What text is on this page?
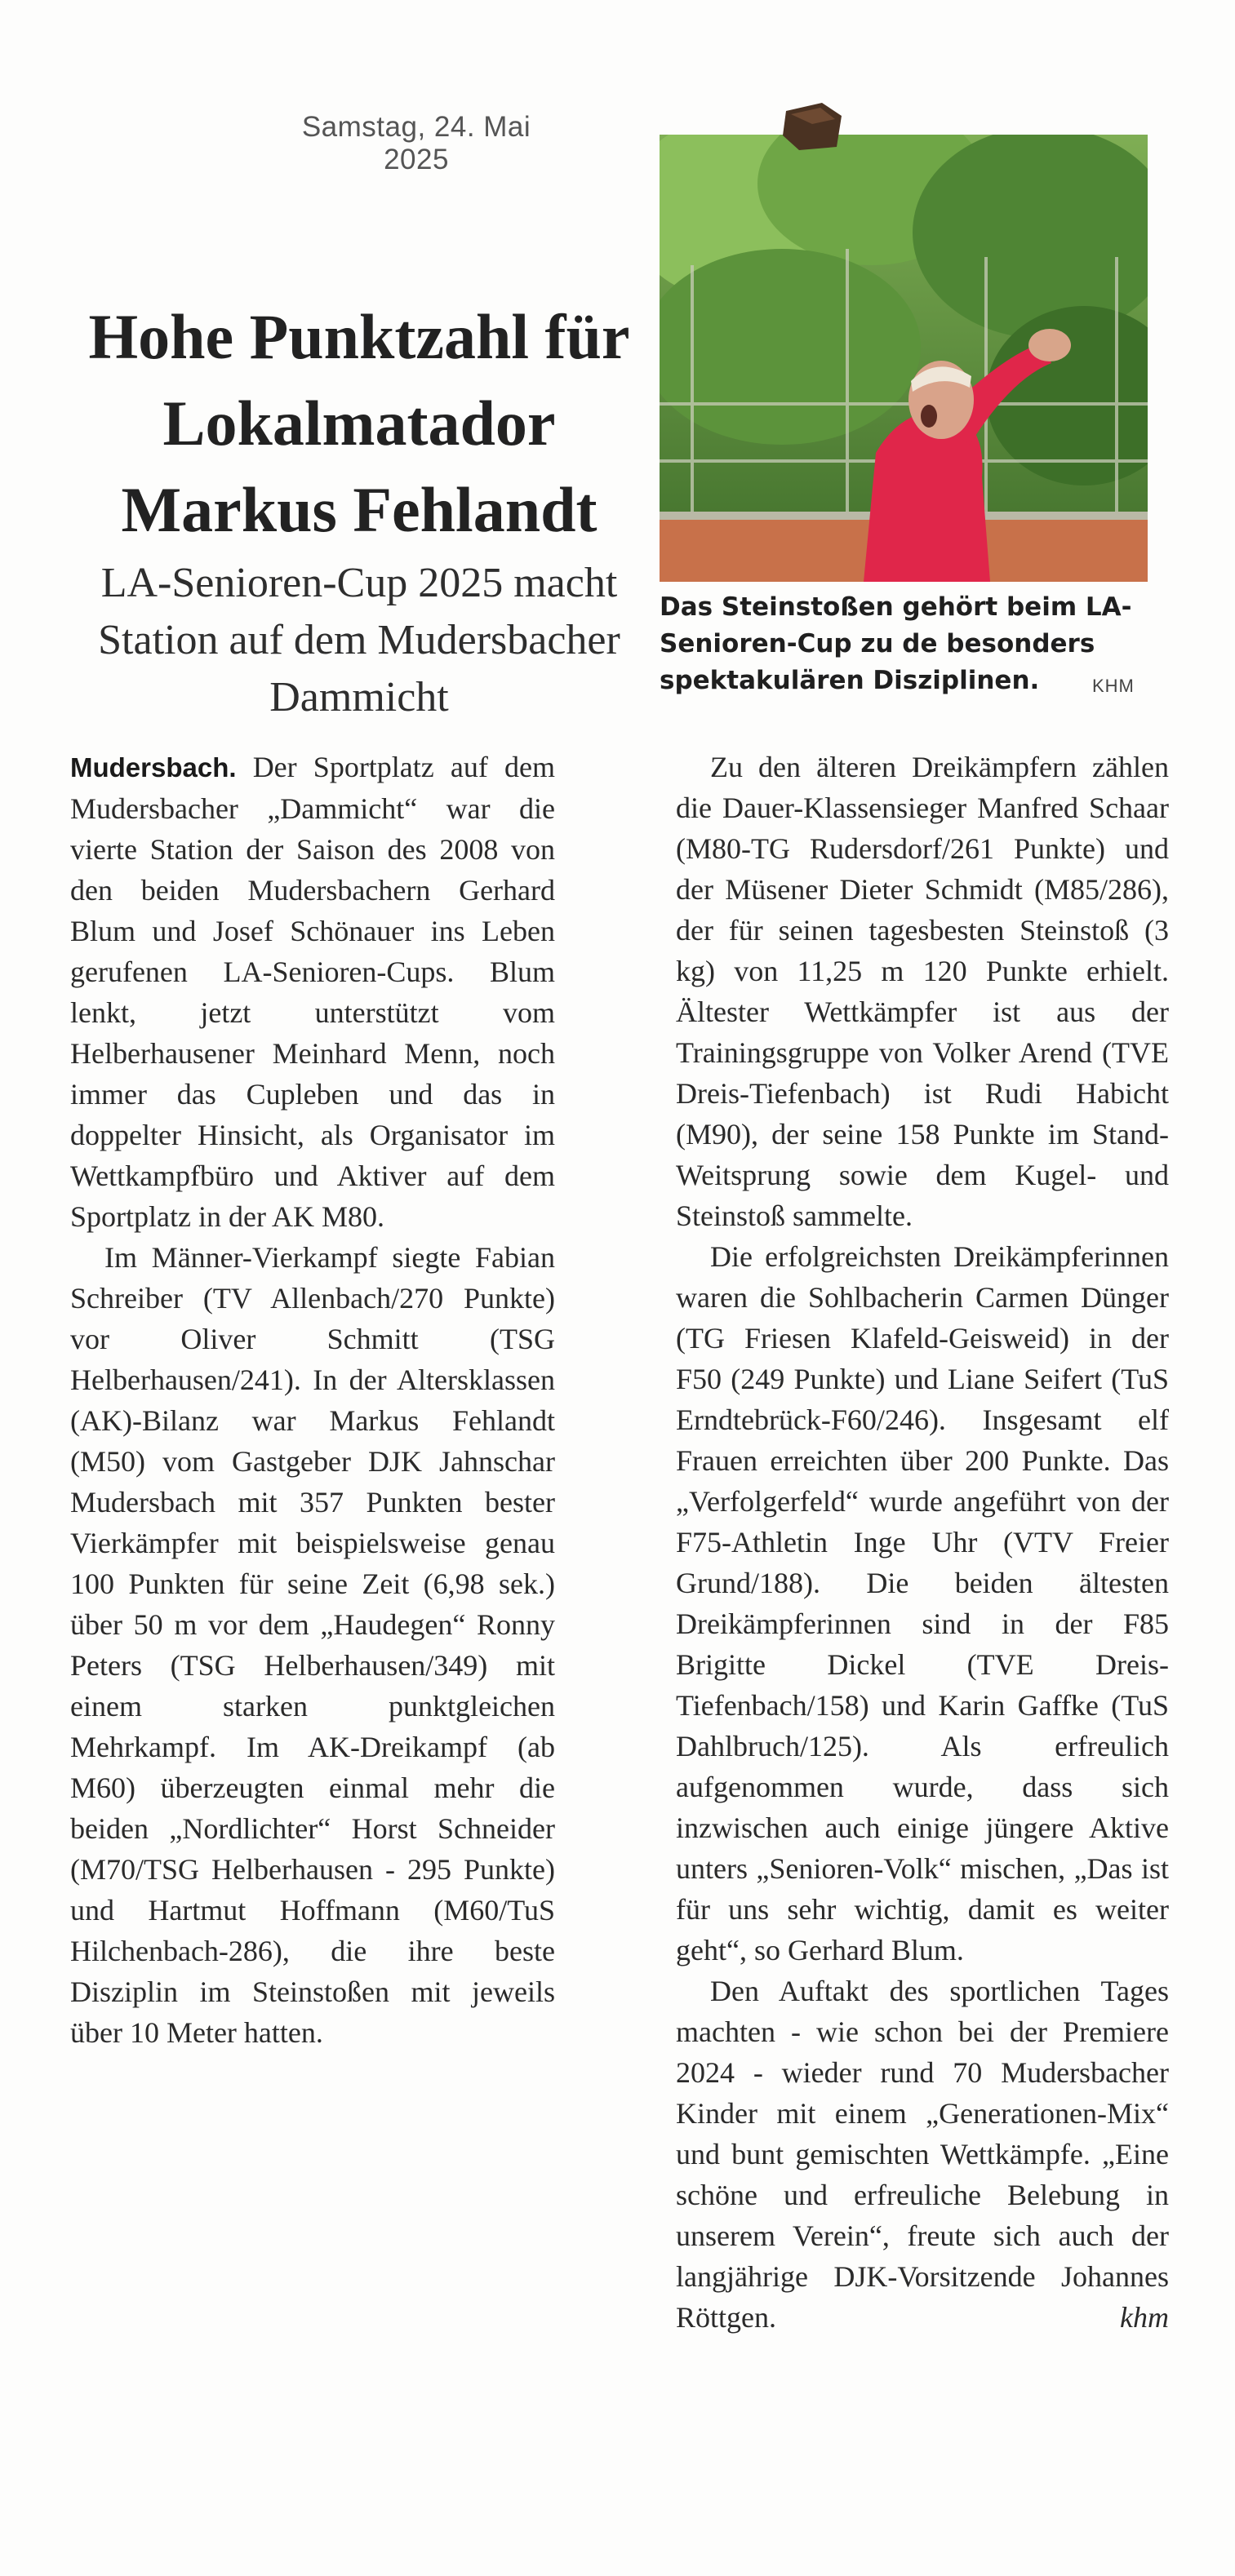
Samstag, 24. Mai 2025
Hohe Punktzahl für Lokalmatador Markus Fehlandt
LA-Senioren-Cup 2025 macht Station auf dem Mudersbacher Dammicht

Das Steinstoßen gehört beim LA-Senioren-Cup zu de besonders spektakulären Disziplinen.	KHM

Mudersbach. Der Sportplatz auf dem Mudersbacher „Dammicht“ war die vierte Station der Saison des 2008 von den beiden Mudersbachern Gerhard Blum und Josef Schönauer ins Leben gerufenen LA-Senioren-Cups. Blum lenkt, jetzt unterstützt vom Helberhausener Meinhard Menn, noch immer das Cupleben und das in doppelter Hinsicht, als Organisator im Wettkampfbüro und Aktiver auf dem Sportplatz in der AK M80.

Im Männer-Vierkampf siegte Fabian Schreiber (TV Allenbach/270 Punkte) vor Oliver Schmitt (TSG Helberhausen/241). In der Altersklassen (AK)-Bilanz war Markus Fehlandt (M50) vom Gastgeber DJK Jahnschar Mudersbach mit 357 Punkten bester Vierkämpfer mit beispielsweise genau 100 Punkten für seine Zeit (6,98 sek.) über 50 m vor dem „Haudegen“ Ronny Peters (TSG Helberhausen/349) mit einem starken punktgleichen Mehrkampf. Im AK-Dreikampf (ab M60) überzeugten einmal mehr die beiden „Nordlichter“ Horst Schneider (M70/TSG Helberhausen - 295 Punkte) und Hartmut Hoffmann (M60/TuS Hilchenbach-286), die ihre beste Disziplin im Steinstoßen mit jeweils über 10 Meter hatten.

Zu den älteren Dreikämpfern zählen die Dauer-Klassensieger Manfred Schaar (M80-TG Rudersdorf/261 Punkte) und der Müsener Dieter Schmidt (M85/286), der für seinen tagesbesten Steinstoß (3 kg) von 11,25 m 120 Punkte erhielt. Ältester Wettkämpfer ist aus der Trainingsgruppe von Volker Arend (TVE Dreis-Tiefenbach) ist Rudi Habicht (M90), der seine 158 Punkte im Stand-Weitsprung sowie dem Kugel- und Steinstoß sammelte.

Die erfolgreichsten Dreikämpferinnen waren die Sohlbacherin Carmen Dünger (TG Friesen Klafeld-Geisweid) in der F50 (249 Punkte) und Liane Seifert (TuS Erndtebrück-F60/246). Insgesamt elf Frauen erreichten über 200 Punkte. Das „Verfolgerfeld“ wurde angeführt von der F75-Athletin Inge Uhr (VTV Freier Grund/188). Die beiden ältesten Dreikämpferinnen sind in der F85 Brigitte Dickel (TVE Dreis-Tiefenbach/158) und Karin Gaffke (TuS Dahlbruch/125). Als erfreulich aufgenommen wurde, dass sich inzwischen auch einige jüngere Aktive unters „Senioren-Volk“ mischen, „Das ist für uns sehr wichtig, damit es weiter geht“, so Gerhard Blum.

Den Auftakt des sportlichen Tages machten - wie schon bei der Premiere 2024 - wieder rund 70 Mudersbacher Kinder mit einem „Generationen-Mix“ und bunt gemischten Wettkämpfe. „Eine schöne und erfreuliche Belebung in unserem Verein“, freute sich auch der langjährige DJK-Vorsitzende Johannes Röttgen.	khm
